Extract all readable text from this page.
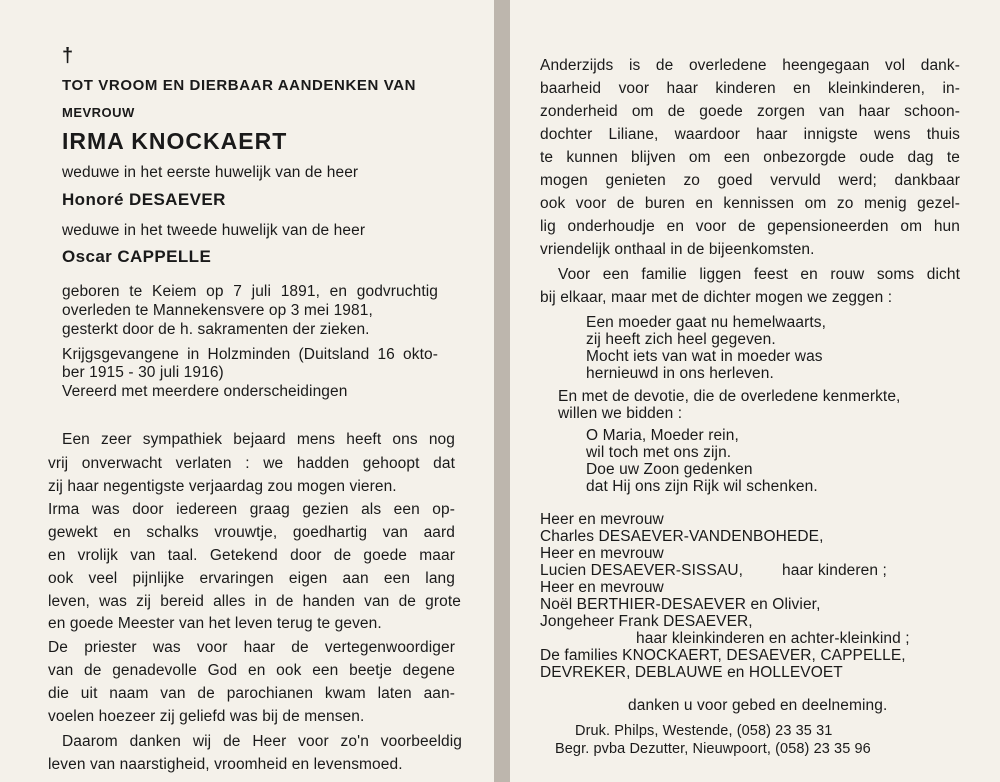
†
TOT VROOM EN DIERBAAR AANDENKEN VAN
MEVROUW
IRMA KNOCKAERT
weduwe in het eerste huwelijk van de heer
Honoré DESAEVER
weduwe in het tweede huwelijk van de heer
Oscar CAPPELLE
geboren te Keiem op 7 juli 1891, en godvruchtig
overleden te Mannekensvere op 3 mei 1981,
gesterkt door de h. sakramenten der zieken.
Krijgsgevangene in Holzminden (Duitsland 16 okto-
ber 1915 - 30 juli 1916)
Vereerd met meerdere onderscheidingen
Een zeer sympathiek bejaard mens heeft ons nog
vrij onverwacht verlaten : we hadden gehoopt dat
zij haar negentigste verjaardag zou mogen vieren.
Irma was door iedereen graag gezien als een op-
gewekt en schalks vrouwtje, goedhartig van aard
en vrolijk van taal. Getekend door de goede maar
ook veel pijnlijke ervaringen eigen aan een lang
leven, was zij bereid alles in de handen van de grote
en goede Meester van het leven terug te geven.
De priester was voor haar de vertegenwoordiger
van de genadevolle God en ook een beetje degene
die uit naam van de parochianen kwam laten aan-
voelen hoezeer zij geliefd was bij de mensen.
Daarom danken wij de Heer voor zo'n voorbeeldig
leven van naarstigheid, vroomheid en levensmoed.
Anderzijds is de overledene heengegaan vol dank-
baarheid voor haar kinderen en kleinkinderen, in-
zonderheid om de goede zorgen van haar schoon-
dochter Liliane, waardoor haar innigste wens thuis
te kunnen blijven om een onbezorgde oude dag te
mogen genieten zo goed vervuld werd; dankbaar
ook voor de buren en kennissen om zo menig gezel-
lig onderhoudje en voor de gepensioneerden om hun
vriendelijk onthaal in de bijeenkomsten.
Voor een familie liggen feest en rouw soms dicht
bij elkaar, maar met de dichter mogen we zeggen :
Een moeder gaat nu hemelwaarts,
zij heeft zich heel gegeven.
Mocht iets van wat in moeder was
hernieuwd in ons herleven.
En met de devotie, die de overledene kenmerkte,
willen we bidden :
O Maria, Moeder rein,
wil toch met ons zijn.
Doe uw Zoon gedenken
dat Hij ons zijn Rijk wil schenken.
Heer en mevrouw
Charles DESAEVER-VANDENBOHEDE,
Heer en mevrouw
Lucien DESAEVER-SISSAU,	haar kinderen ;
Heer en mevrouw
Noël BERTHIER-DESAEVER en Olivier,
Jongeheer Frank DESAEVER,
haar kleinkinderen en achter-kleinkind ;
De families KNOCKAERT, DESAEVER, CAPPELLE,
DEVREKER, DEBLAUWE en HOLLEVOET
danken u voor gebed en deelneming.
Druk. Philps, Westende, (058) 23 35 31
Begr. pvba Dezutter, Nieuwpoort, (058) 23 35 96
